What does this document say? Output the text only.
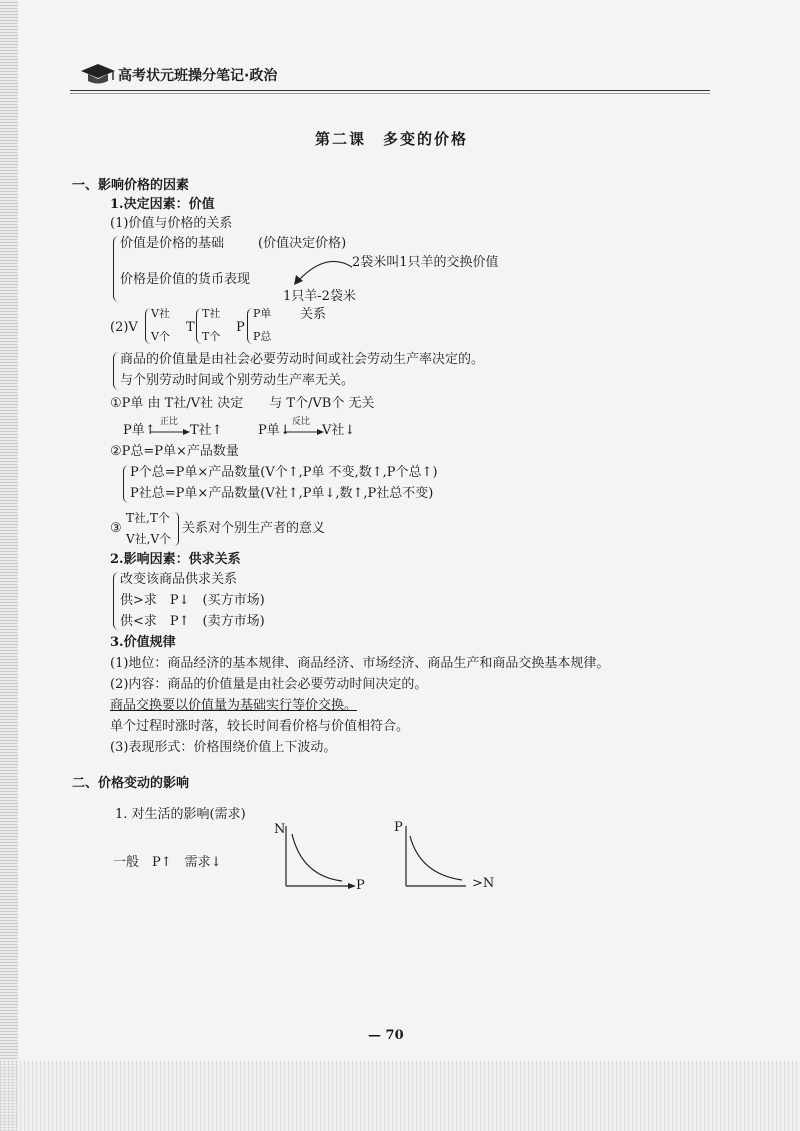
高考状元班操分笔记·政治
第二课　多变的价格
一、影响价格的因素
1.决定因素：价值
(1)价值与价格的关系
价值是价格的基础	(价值决定价格)
价格是价值的货币表现
2袋米叫1只羊的交换价值
1只羊-2袋米
(2)V
V社
V个
T
T社
T个
P
P单
P总
关系
商品的价值量是由社会必要劳动时间或社会劳动生产率决定的。
与个别劳动时间或个别劳动生产率无关。
①P单 由 T社/V社 决定　　与 T个/VB个 无关
P单↑
正比
T社↑	P单↓
反比
V社↓
②P总=P单×产品数量
P个总=P单×产品数量(V个↑,P单 不变,数↑,P个总↑)
P社总=P单×产品数量(V社↑,P单↓,数↑,P社总不变)
③
T社,T个
V社,V个
关系对个别生产者的意义
2.影响因素：供求关系
改变该商品供求关系
供>求　P↓　(买方市场)
供<求　P↑　(卖方市场)
3.价值规律
(1)地位：商品经济的基本规律、商品经济、市场经济、商品生产和商品交换基本规律。
(2)内容：商品的价值量是由社会必要劳动时间决定的。
商品交换要以价值量为基础实行等价交换。
单个过程时涨时落，较长时间看价格与价值相符合。
(3)表现形式：价格围绕价值上下波动。
二、价格变动的影响
1. 对生活的影响(需求)
一般　P↑　需求↓
N
P
P
>N
— 70
